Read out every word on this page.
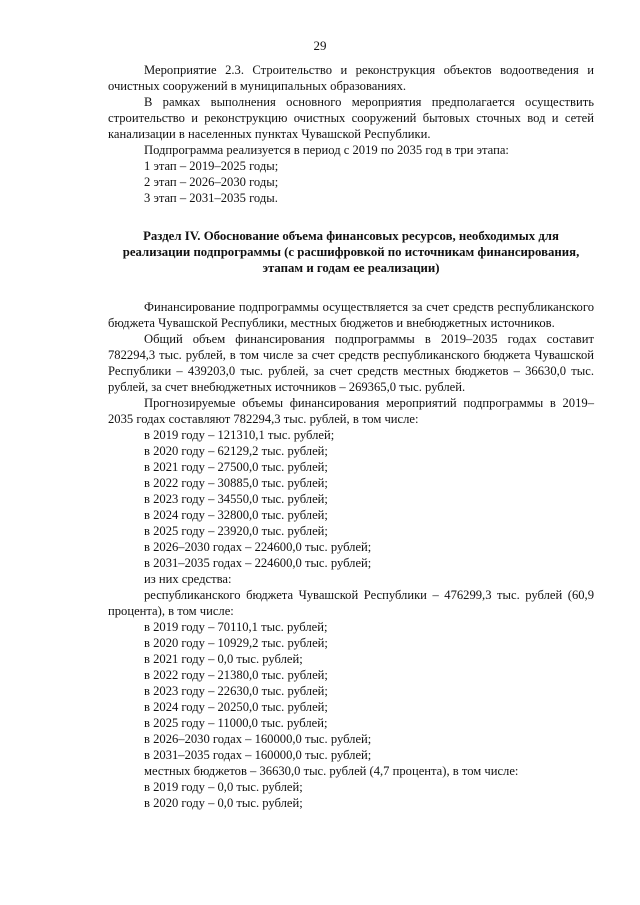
29

Мероприятие 2.3. Строительство и реконструкция объектов водоотведения и очистных сооружений в муниципальных образованиях.

В рамках выполнения основного мероприятия предполагается осуществить строительство и реконструкцию очистных сооружений бытовых сточных вод и сетей канализации в населенных пунктах Чувашской Республики.

Подпрограмма реализуется в период с 2019 по 2035 год в три этапа:

1 этап – 2019–2025 годы;

2 этап – 2026–2030 годы;

3 этап – 2031–2035 годы.

Раздел IV. Обоснование объема финансовых ресурсов, необходимых для реализации подпрограммы (с расшифровкой по источникам финансирования, этапам и годам ее реализации)

Финансирование подпрограммы осуществляется за счет средств республиканского бюджета Чувашской Республики, местных бюджетов и внебюджетных источников.

Общий объем финансирования подпрограммы в 2019–2035 годах составит 782294,3 тыс. рублей, в том числе за счет средств республиканского бюджета Чувашской Республики – 439203,0 тыс. рублей, за счет средств местных бюджетов – 36630,0 тыс. рублей, за счет внебюджетных источников – 269365,0 тыс. рублей.

Прогнозируемые объемы финансирования мероприятий подпрограммы в 2019–2035 годах составляют 782294,3 тыс. рублей, в том числе:

в 2019 году – 121310,1 тыс. рублей;

в 2020 году – 62129,2 тыс. рублей;

в 2021 году – 27500,0 тыс. рублей;

в 2022 году – 30885,0 тыс. рублей;

в 2023 году – 34550,0 тыс. рублей;

в 2024 году – 32800,0 тыс. рублей;

в 2025 году – 23920,0 тыс. рублей;

в 2026–2030 годах – 224600,0 тыс. рублей;

в 2031–2035 годах – 224600,0 тыс. рублей;

из них средства:

республиканского бюджета Чувашской Республики – 476299,3 тыс. рублей (60,9 процента), в том числе:

в 2019 году – 70110,1 тыс. рублей;

в 2020 году – 10929,2 тыс. рублей;

в 2021 году – 0,0 тыс. рублей;

в 2022 году – 21380,0 тыс. рублей;

в 2023 году – 22630,0 тыс. рублей;

в 2024 году – 20250,0 тыс. рублей;

в 2025 году – 11000,0 тыс. рублей;

в 2026–2030 годах – 160000,0 тыс. рублей;

в 2031–2035 годах – 160000,0 тыс. рублей;

местных бюджетов – 36630,0 тыс. рублей (4,7 процента), в том числе:

в 2019 году – 0,0 тыс. рублей;

в 2020 году – 0,0 тыс. рублей;
